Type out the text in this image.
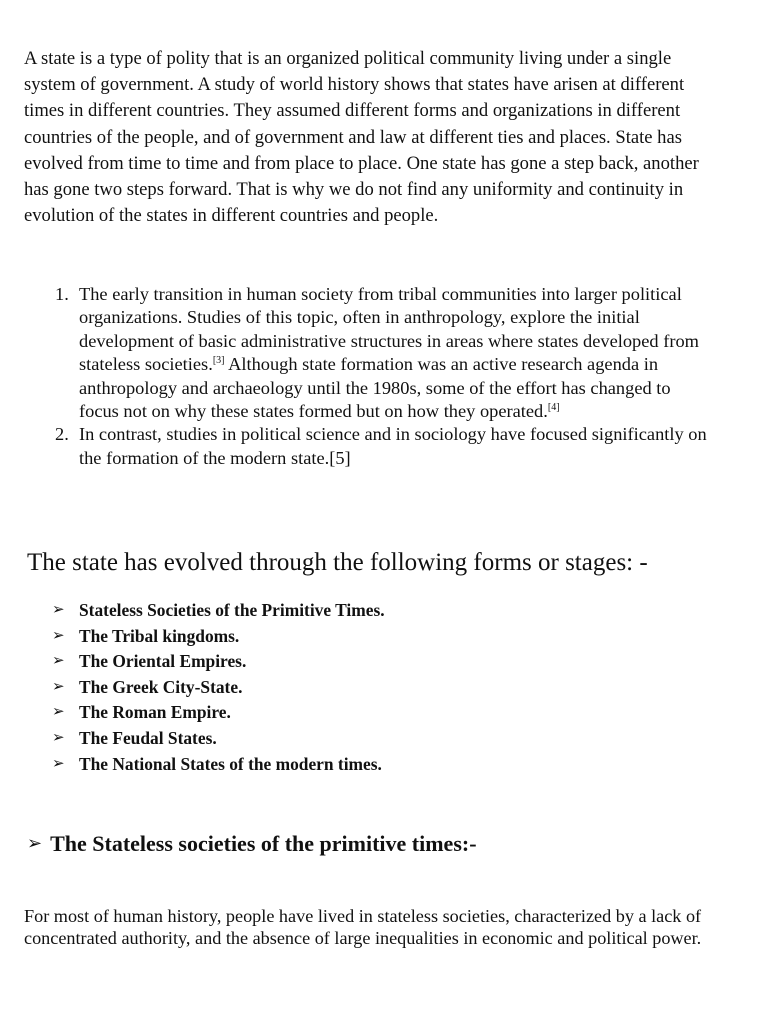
A state is a type of polity that is an organized political community living under a single system of government. A study of world history shows that states have arisen at different times in different countries. They assumed different forms and organizations in different countries of the people, and of government and law at different ties and places. State has evolved from time to time and from place to place. One state has gone a step back, another has gone two steps forward. That is why we do not find any uniformity and continuity in evolution of the states in different countries and people.

1. The early transition in human society from tribal communities into larger political organizations. Studies of this topic, often in anthropology, explore the initial development of basic administrative structures in areas where states developed from stateless societies.[3] Although state formation was an active research agenda in anthropology and archaeology until the 1980s, some of the effort has changed to focus not on why these states formed but on how they operated.[4]
2. In contrast, studies in political science and in sociology have focused significantly on the formation of the modern state.[5]
The state has evolved through the following forms or stages: -
➢ Stateless Societies of the Primitive Times.
➢ The Tribal kingdoms.
➢ The Oriental Empires.
➢ The Greek City-State.
➢ The Roman Empire.
➢ The Feudal States.
➢ The National States of the modern times.
➢ The Stateless societies of the primitive times:-

For most of human history, people have lived in stateless societies, characterized by a lack of concentrated authority, and the absence of large inequalities in economic and political power.
